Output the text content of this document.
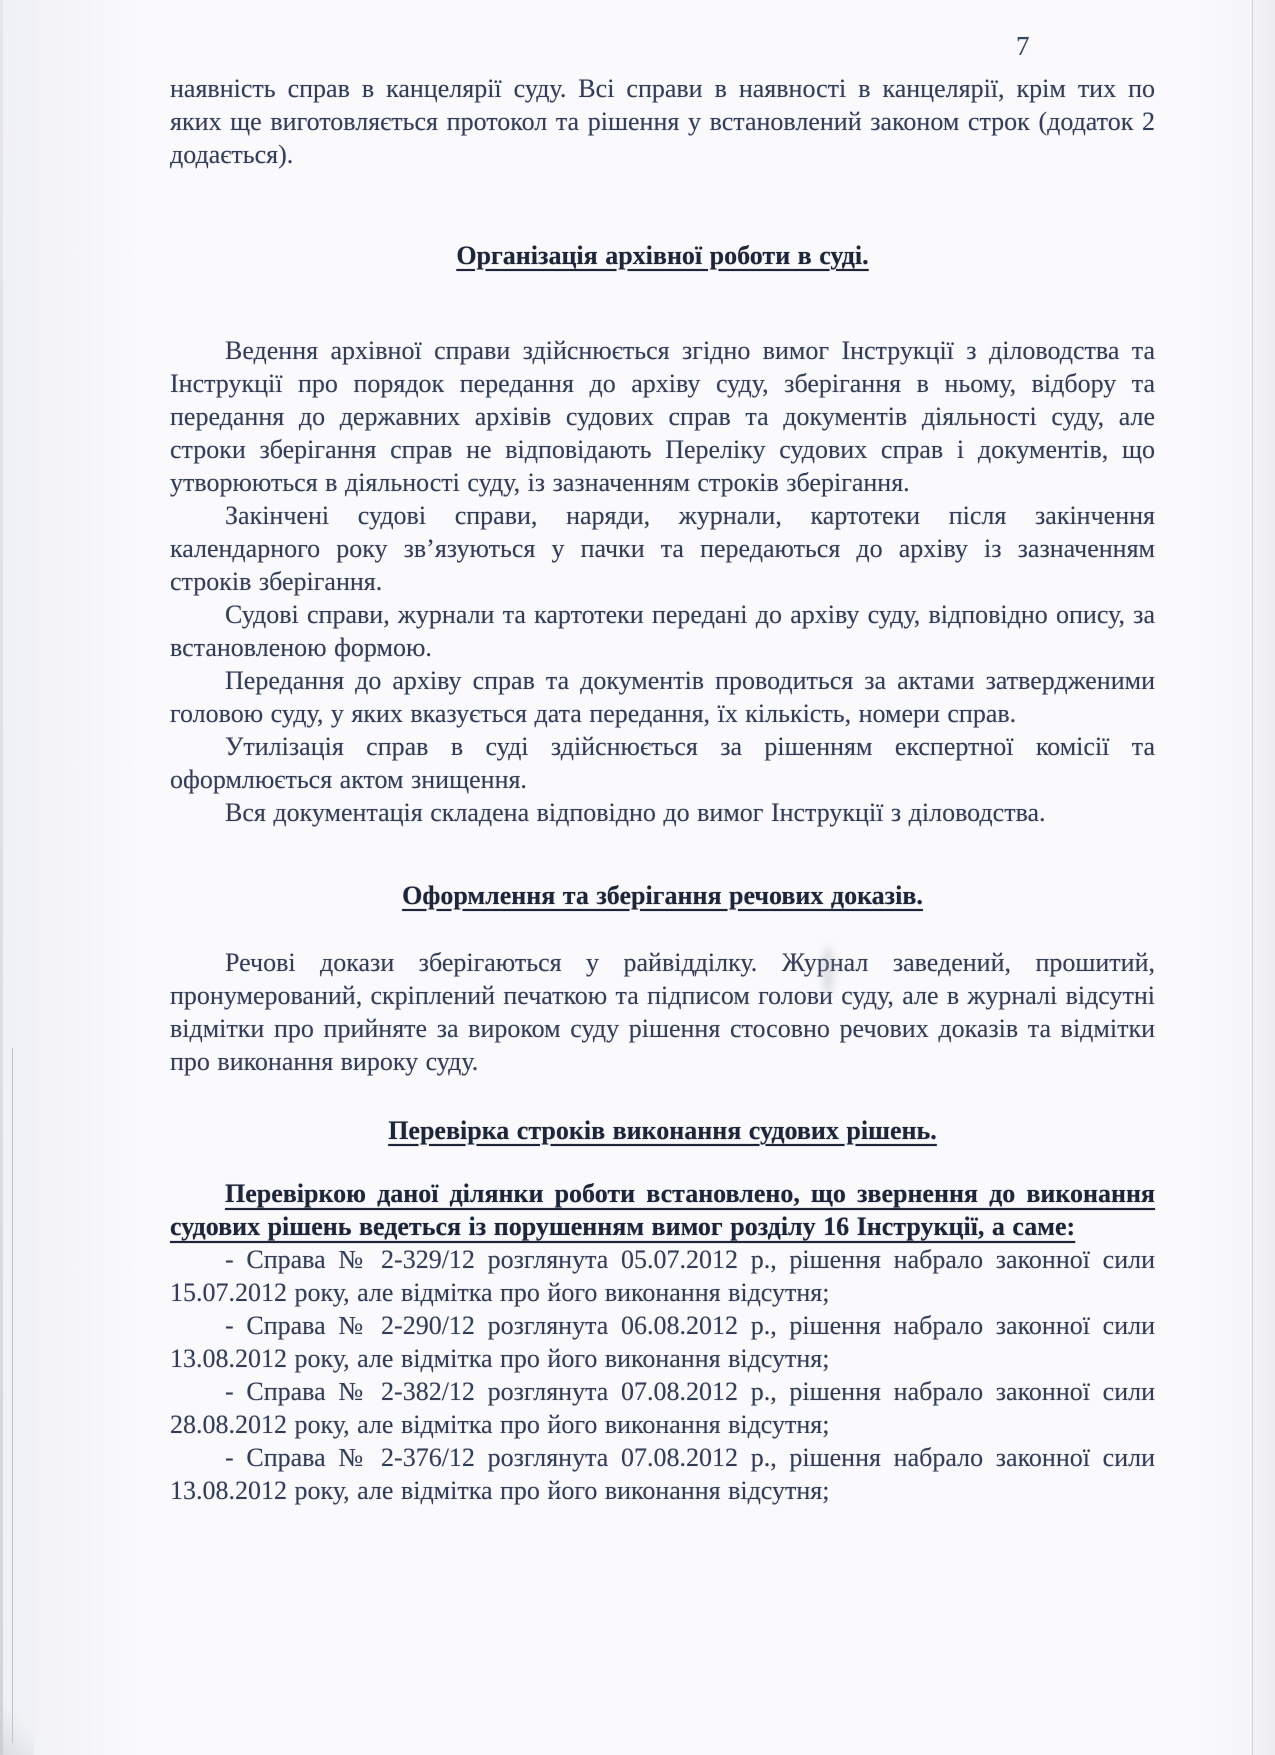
7

наявність справ в канцелярії суду. Всі справи в наявності в канцелярії, крім тих по яких ще виготовляється протокол та рішення у встановлений законом строк (додаток 2 додається).

Організація архівної роботи в суді.

Ведення архівної справи здійснюється згідно вимог Інструкції з діловодства та Інструкції про порядок передання до архіву суду, зберігання в ньому, відбору та передання до державних архівів судових справ та документів діяльності суду, але строки зберігання справ не відповідають Переліку судових справ і документів, що утворюються в діяльності суду, із зазначенням строків зберігання.

Закінчені судові справи, наряди, журнали, картотеки після закінчення календарного року зв’язуються у пачки та передаються до архіву із зазначенням строків зберігання.

Судові справи, журнали та картотеки передані до архіву суду, відповідно опису, за встановленою формою.

Передання до архіву справ та документів проводиться за актами затвердженими головою суду, у яких вказується дата передання, їх кількість, номери справ.

Утилізація справ в суді здійснюється за рішенням експертної комісії та оформлюється актом знищення.

Вся документація складена відповідно до вимог Інструкції з діловодства.

Оформлення та зберігання речових доказів.

Речові докази зберігаються у райвідділку. Журнал заведений, прошитий, пронумерований, скріплений печаткою та підписом голови суду, але в журналі відсутні відмітки про прийняте за вироком суду рішення стосовно речових доказів та відмітки про виконання вироку суду.

Перевірка строків виконання судових рішень.

Перевіркою даної ділянки роботи встановлено, що звернення до виконання судових рішень ведеться із порушенням вимог розділу 16 Інструкції, а саме:

- Справа № 2-329/12 розглянута 05.07.2012 р., рішення набрало законної сили 15.07.2012 року, але відмітка про його виконання відсутня;

- Справа № 2-290/12 розглянута 06.08.2012 р., рішення набрало законної сили 13.08.2012 року, але відмітка про його виконання відсутня;

- Справа № 2-382/12 розглянута 07.08.2012 р., рішення набрало законної сили 28.08.2012 року, але відмітка про його виконання відсутня;

- Справа № 2-376/12 розглянута 07.08.2012 р., рішення набрало законної сили 13.08.2012 року, але відмітка про його виконання відсутня;
